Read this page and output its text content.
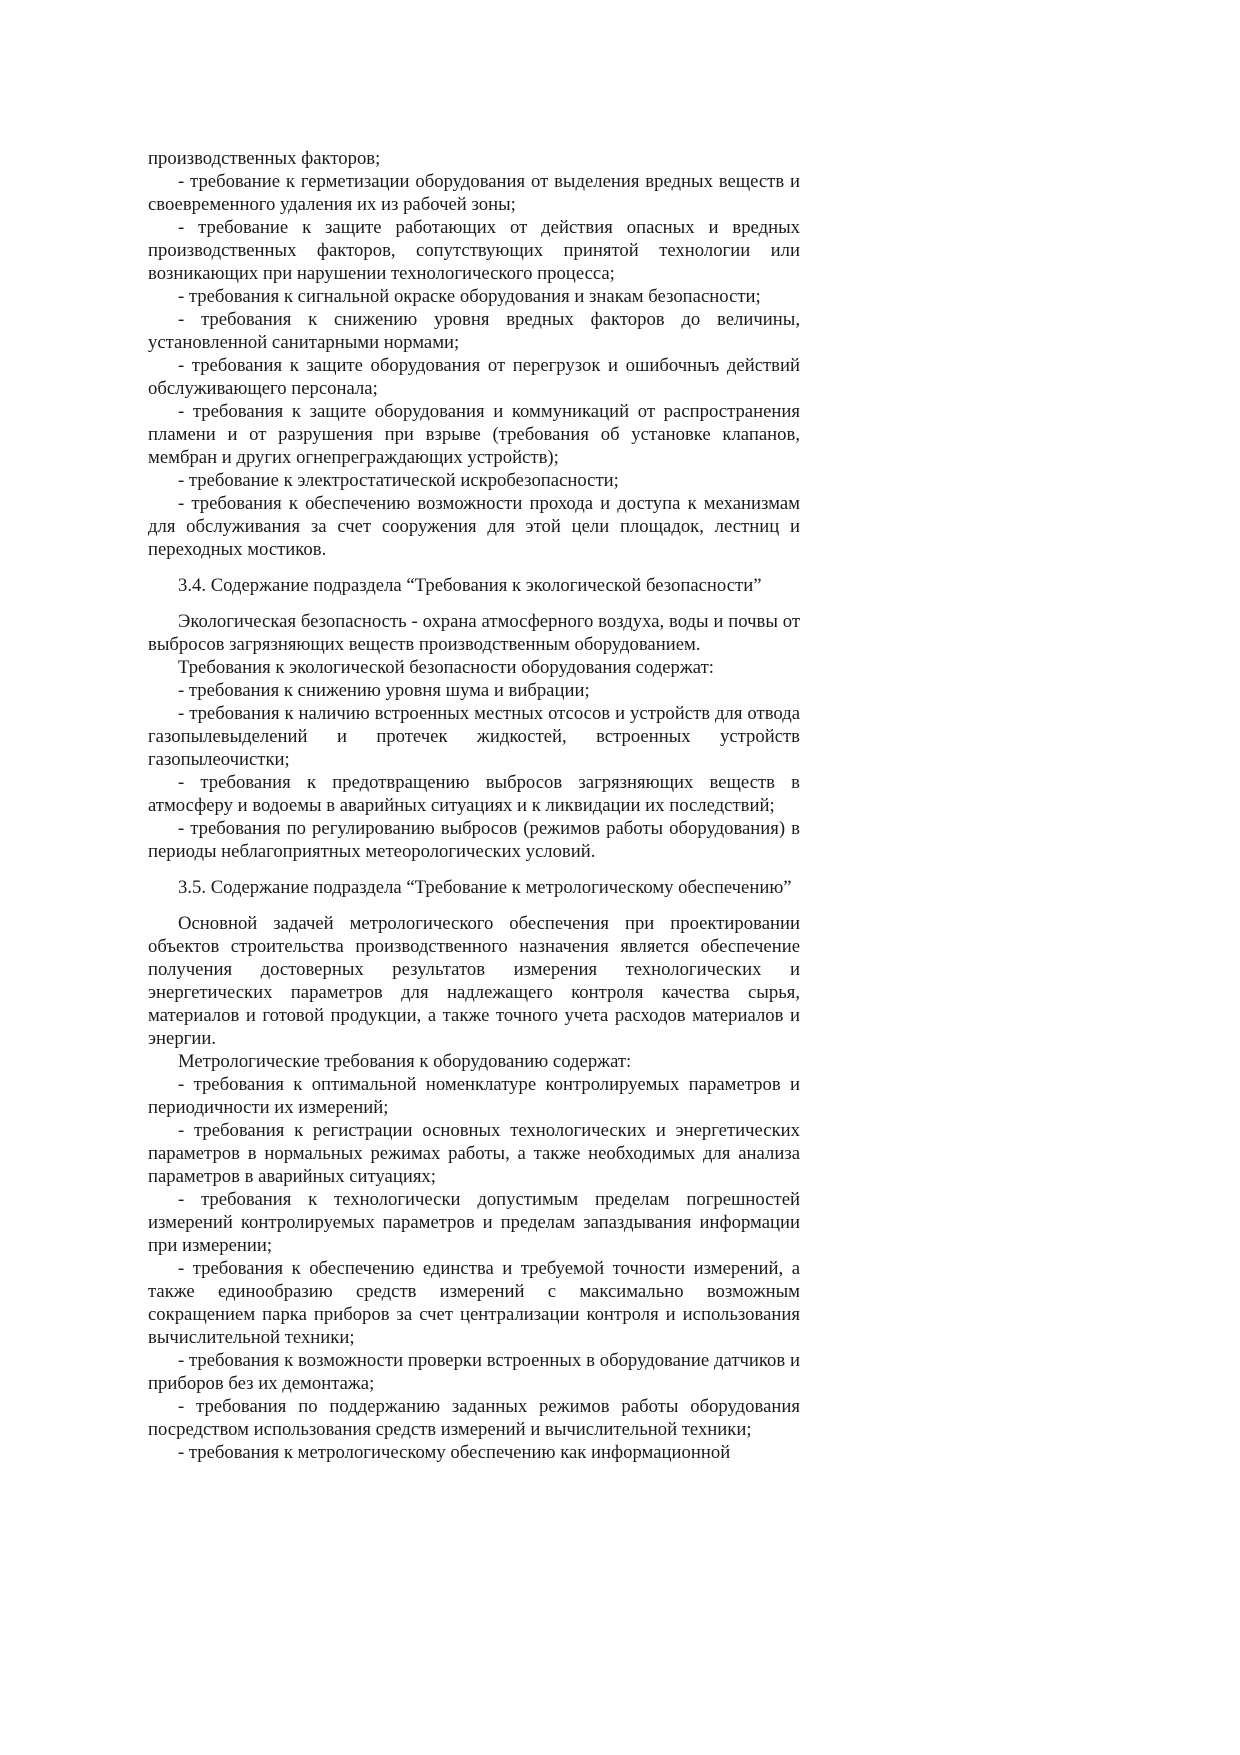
производственных факторов;

- требование к герметизации оборудования от выделения вредных веществ и своевременного удаления их из рабочей зоны;

- требование к защите работающих от действия опасных и вредных производственных факторов, сопутствующих принятой технологии или возникающих при нарушении технологического процесса;

- требования к сигнальной окраске оборудования и знакам безопасности;

- требования к снижению уровня вредных факторов до величины, установленной санитарными нормами;

- требования к защите оборудования от перегрузок и ошибочныъ действий обслуживающего персонала;

- требования к защите оборудования и коммуникаций от распространения пламени и от разрушения при взрыве (требования об установке клапанов, мембран и других огнепреграждающих устройств);

- требование к электростатической искробезопасности;

- требования к обеспечению возможности прохода и доступа к механизмам для обслуживания за счет сооружения для этой цели площадок, лестниц и переходных мостиков.

3.4. Содержание подраздела “Требования к экологической безопасности”

Экологическая безопасность - охрана атмосферного воздуха, воды и почвы от выбросов загрязняющих веществ производственным оборудованием.

Требования к экологической безопасности оборудования содержат:

- требования к снижению уровня шума и вибрации;

- требования к наличию встроенных местных отсосов и устройств для отвода газопылевыделений и протечек жидкостей, встроенных устройств газопылеочистки;

- требования к предотвращению выбросов загрязняющих веществ в атмосферу и водоемы в аварийных ситуациях и к ликвидации их последствий;

- требования по регулированию выбросов (режимов работы оборудования) в периоды неблагоприятных метеорологических условий.

3.5. Содержание подраздела “Требование к метрологическому обеспечению”

Основной задачей метрологического обеспечения при проектировании объектов строительства производственного назначения является обеспечение получения достоверных результатов измерения технологических и энергетических параметров для надлежащего контроля качества сырья, материалов и готовой продукции, а также точного учета расходов материалов и энергии.

Метрологические требования к оборудованию содержат:

- требования к оптимальной номенклатуре контролируемых параметров и периодичности их измерений;

- требования к регистрации основных технологических и энергетических параметров в нормальных режимах работы, а также необходимых для анализа параметров в аварийных ситуациях;

- требования к технологически допустимым пределам погрешностей измерений контролируемых параметров и пределам запаздывания информации при измерении;

- требования к обеспечению единства и требуемой точности измерений, а также единообразию средств измерений с максимально возможным сокращением парка приборов за счет централизации контроля и использования вычислительной техники;

- требования к возможности проверки встроенных в оборудование датчиков и приборов без их демонтажа;

- требования по поддержанию заданных режимов работы оборудования посредством использования средств измерений и вычислительной техники;

- требования к метрологическому обеспечению как информационной
